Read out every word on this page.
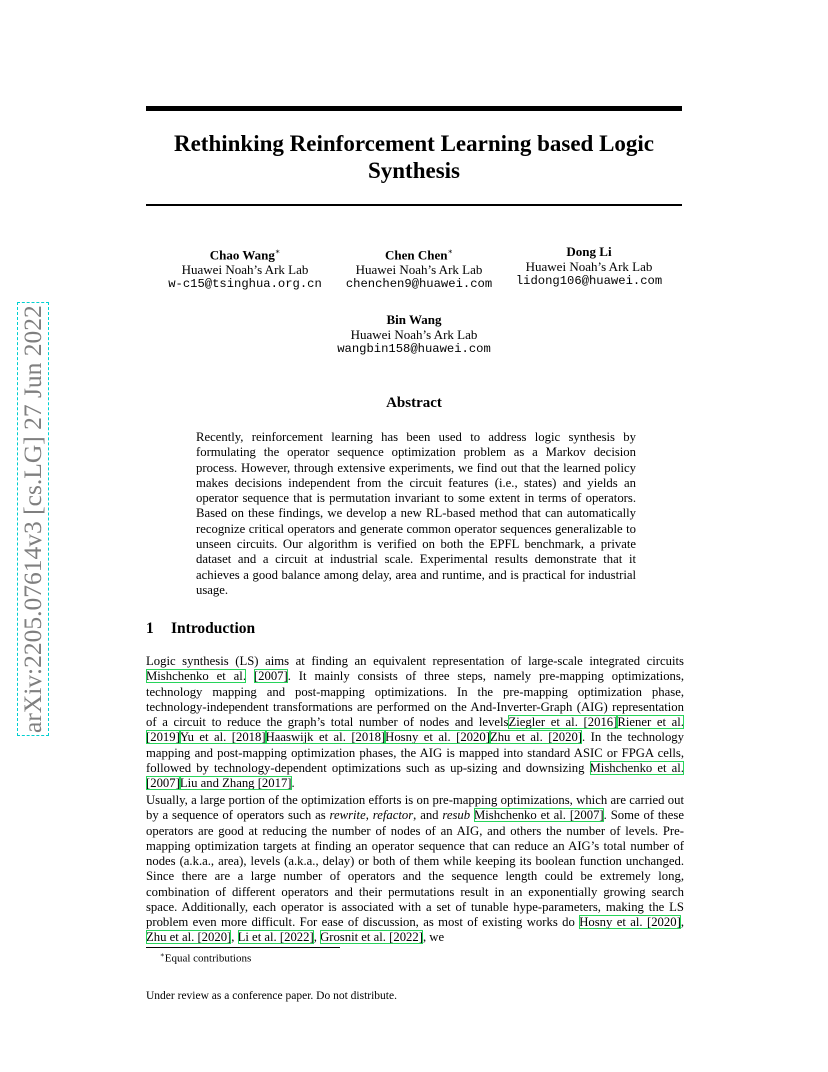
arXiv:2205.07614v3 [cs.LG] 27 Jun 2022
Rethinking Reinforcement Learning based Logic Synthesis
Chao Wang∗
Huawei Noah’s Ark Lab
w-c15@tsinghua.org.cn
Chen Chen∗
Huawei Noah’s Ark Lab
chenchen9@huawei.com
Dong Li
Huawei Noah’s Ark Lab
lidong106@huawei.com
Bin Wang
Huawei Noah’s Ark Lab
wangbin158@huawei.com
Abstract
Recently, reinforcement learning has been used to address logic synthesis by formulating the operator sequence optimization problem as a Markov decision process. However, through extensive experiments, we find out that the learned policy makes decisions independent from the circuit features (i.e., states) and yields an operator sequence that is permutation invariant to some extent in terms of operators. Based on these findings, we develop a new RL-based method that can automatically recognize critical operators and generate common operator sequences generalizable to unseen circuits. Our algorithm is verified on both the EPFL benchmark, a private dataset and a circuit at industrial scale. Experimental results demonstrate that it achieves a good balance among delay, area and runtime, and is practical for industrial usage.
1 Introduction
Logic synthesis (LS) aims at finding an equivalent representation of large-scale integrated circuits Mishchenko et al. [2007]. It mainly consists of three steps, namely pre-mapping optimizations, technology mapping and post-mapping optimizations. In the pre-mapping optimization phase, technology-independent transformations are performed on the And-Inverter-Graph (AIG) representation of a circuit to reduce the graph’s total number of nodes and levelsZiegler et al. [2016]Riener et al. [2019]Yu et al. [2018]Haaswijk et al. [2018]Hosny et al. [2020]Zhu et al. [2020]. In the technology mapping and post-mapping optimization phases, the AIG is mapped into standard ASIC or FPGA cells, followed by technology-dependent optimizations such as up-sizing and downsizing Mishchenko et al. [2007]Liu and Zhang [2017].
Usually, a large portion of the optimization efforts is on pre-mapping optimizations, which are carried out by a sequence of operators such as rewrite, refactor, and resub Mishchenko et al. [2007]. Some of these operators are good at reducing the number of nodes of an AIG, and others the number of levels. Pre-mapping optimization targets at finding an operator sequence that can reduce an AIG’s total number of nodes (a.k.a., area), levels (a.k.a., delay) or both of them while keeping its boolean function unchanged. Since there are a large number of operators and the sequence length could be extremely long, combination of different operators and their permutations result in an exponentially growing search space. Additionally, each operator is associated with a set of tunable hype-parameters, making the LS problem even more difficult. For ease of discussion, as most of existing works do Hosny et al. [2020], Zhu et al. [2020], Li et al. [2022], Grosnit et al. [2022], we
∗Equal contributions
Under review as a conference paper. Do not distribute.
